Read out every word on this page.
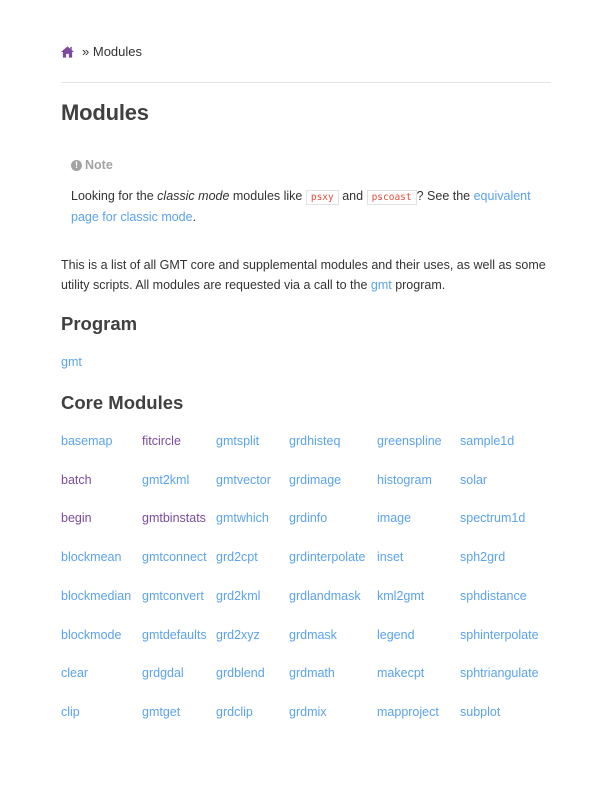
»
Modules
Modules
! Note
Looking for the classic mode modules like psxy and pscoast ? See the equivalent page for classic mode.
This is a list of all GMT core and supplemental modules and their uses, as well as some utility scripts. All modules are requested via a call to the gmt program.
Program
gmt
Core Modules
basemap
batch
begin
blockmean
blockmedian
blockmode
clear
clip
fitcircle
gmt2kml
gmtbinstats
gmtconnect
gmtconvert
gmtdefaults
grdgdal
gmtget
gmtsplit
gmtvector
gmtwhich
grd2cpt
grd2kml
grd2xyz
grdblend
grdclip
grdhisteq
grdimage
grdinfo
grdinterpolate
grdlandmask
grdmask
grdmath
grdmix
greenspline
histogram
image
inset
kml2gmt
legend
makecpt
mapproject
sample1d
solar
spectrum1d
sph2grd
sphdistance
sphinterpolate
sphtriangulate
subplot
